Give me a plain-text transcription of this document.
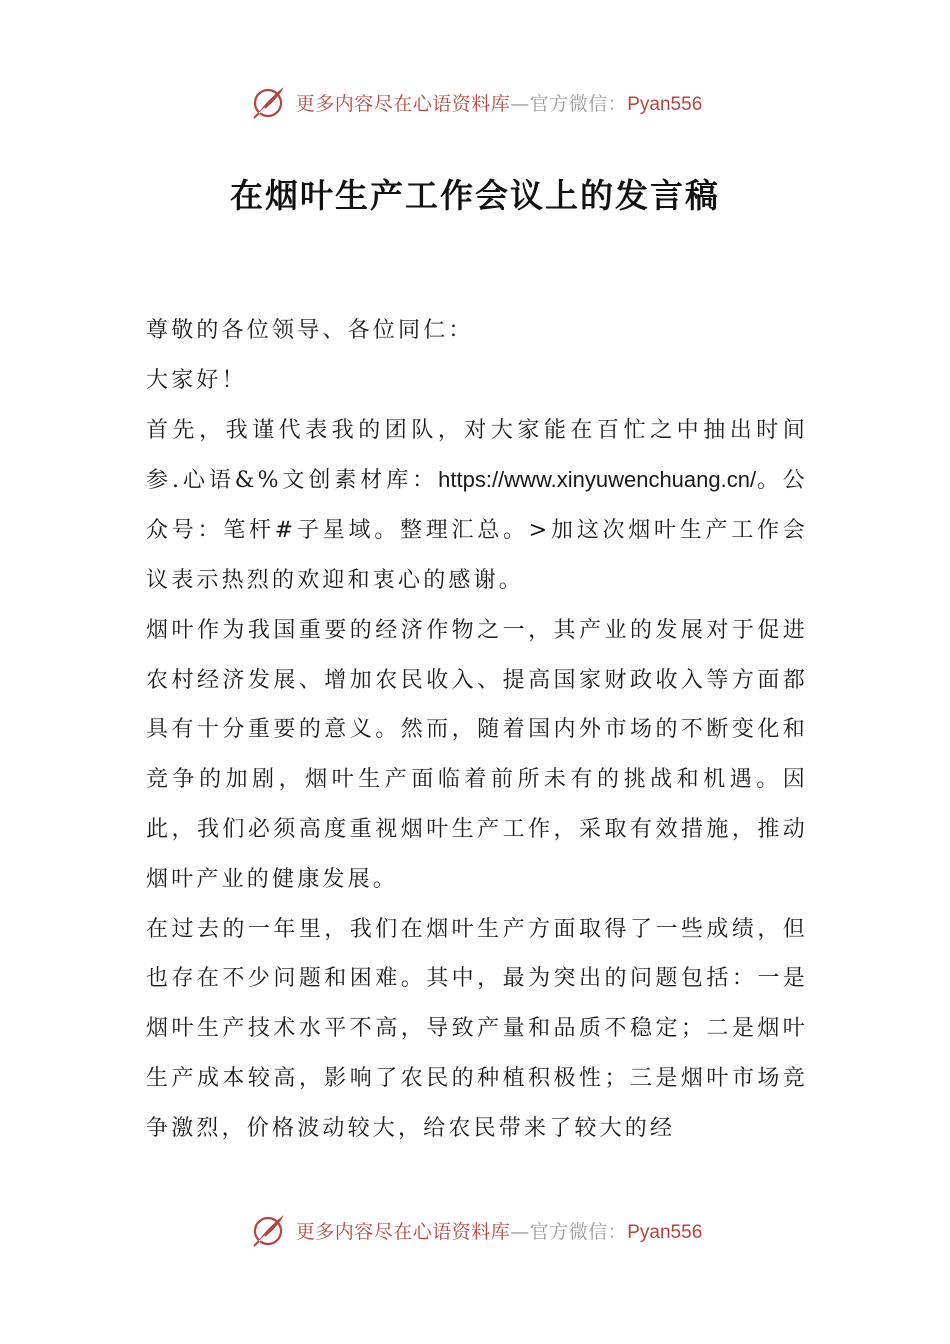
更多内容尽在心语资料库—官方微信：Pyan556
在烟叶生产工作会议上的发言稿

尊敬的各位领导、各位同仁：

大家好！

首先，我谨代表我的团队，对大家能在百忙之中抽出时间参.心语&%文创素材库：https://www.xinyuwenchuang.cn/。公众号：笔杆#子星域。整理汇总。>加这次烟叶生产工作会议表示热烈的欢迎和衷心的感谢。

烟叶作为我国重要的经济作物之一，其产业的发展对于促进农村经济发展、增加农民收入、提高国家财政收入等方面都具有十分重要的意义。然而，随着国内外市场的不断变化和竞争的加剧，烟叶生产面临着前所未有的挑战和机遇。因此，我们必须高度重视烟叶生产工作，采取有效措施，推动烟叶产业的健康发展。

在过去的一年里，我们在烟叶生产方面取得了一些成绩，但也存在不少问题和困难。其中，最为突出的问题包括：一是烟叶生产技术水平不高，导致产量和品质不稳定；二是烟叶生产成本较高，影响了农民的种植积极性；三是烟叶市场竞争激烈，价格波动较大，给农民带来了较大的经

更多内容尽在心语资料库—官方微信：Pyan556
